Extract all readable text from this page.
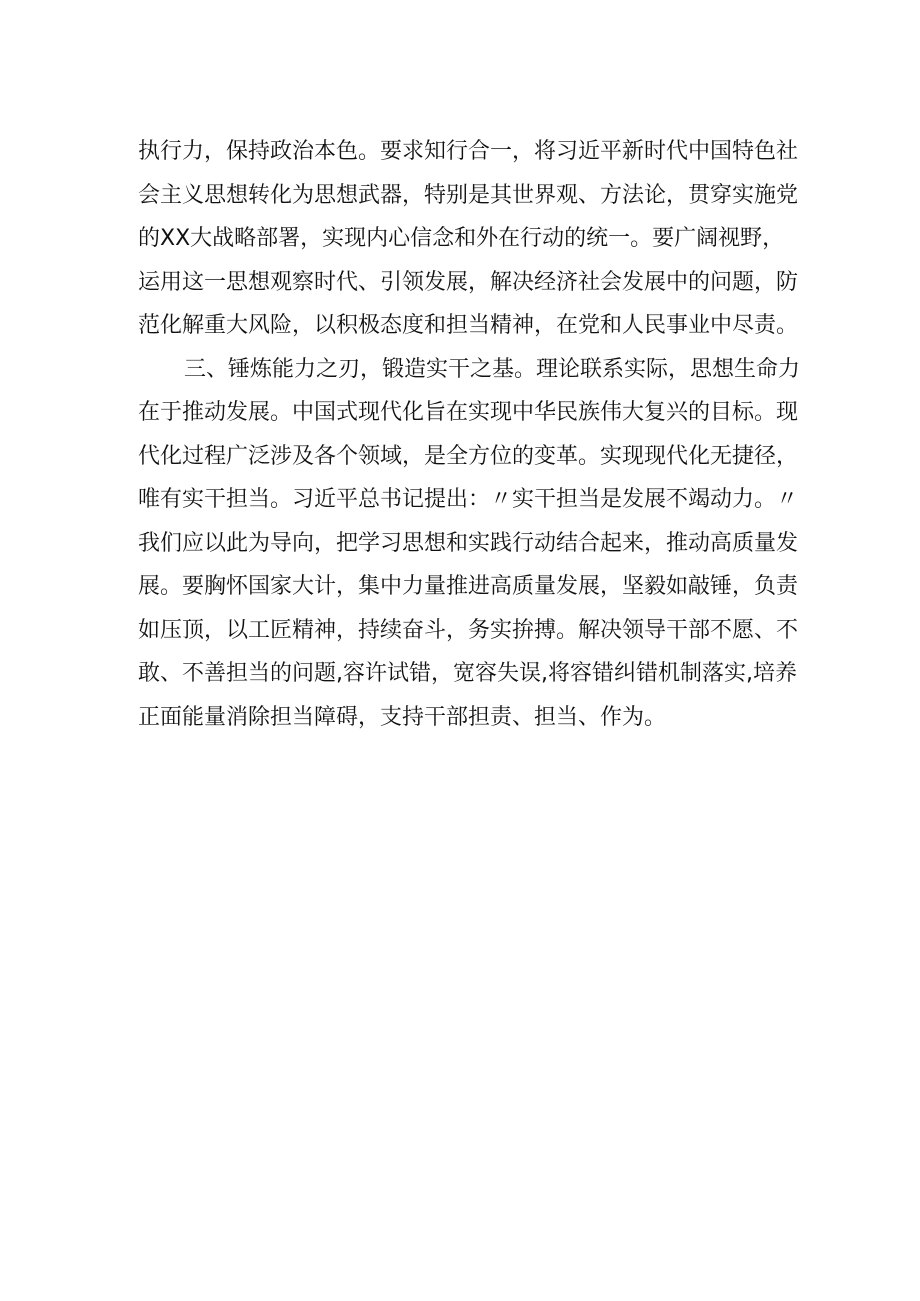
执行力，保持政治本色。要求知行合一，将习近平新时代中国特色社
会主义思想转化为思想武器，特别是其世界观、方法论，贯穿实施党
的XX大战略部署，实现内心信念和外在行动的统一。要广阔视野，
运用这一思想观察时代、引领发展，解决经济社会发展中的问题，防
范化解重大风险，以积极态度和担当精神，在党和人民事业中尽责。
三、锤炼能力之刃，锻造实干之基。理论联系实际，思想生命力
在于推动发展。中国式现代化旨在实现中华民族伟大复兴的目标。现
代化过程广泛涉及各个领域，是全方位的变革。实现现代化无捷径，
唯有实干担当。习近平总书记提出：〃实干担当是发展不竭动力。〃
我们应以此为导向，把学习思想和实践行动结合起来，推动高质量发
展。要胸怀国家大计，集中力量推进高质量发展，坚毅如敲锤，负责
如压顶，以工匠精神，持续奋斗，务实拚搏。解决领导干部不愿、不
敢、不善担当的问题,容许试错，宽容失误,将容错纠错机制落实,培养
正面能量消除担当障碍，支持干部担责、担当、作为。
